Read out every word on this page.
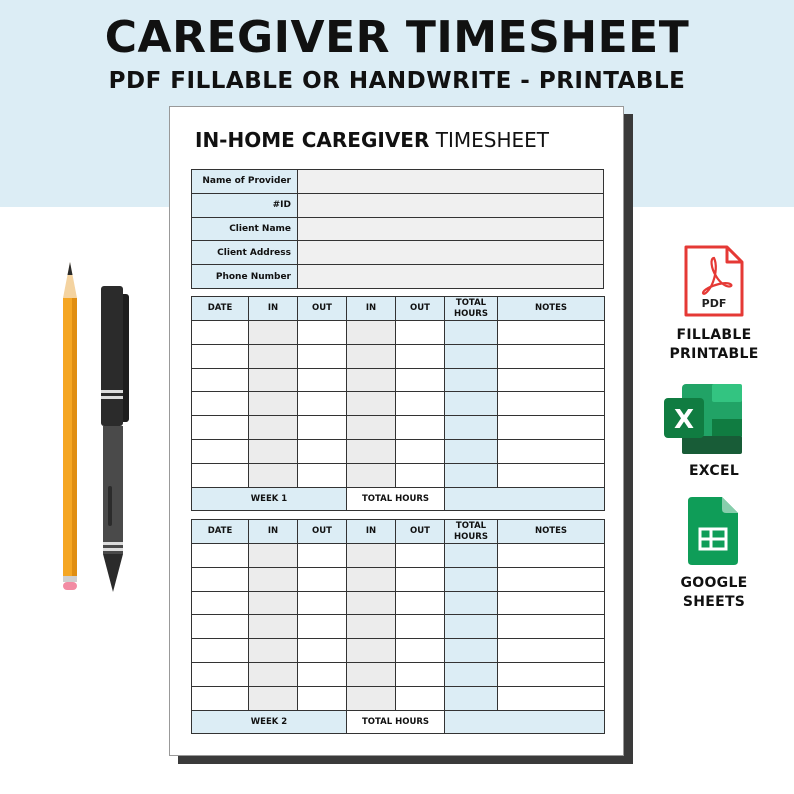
CAREGIVER TIMESHEET
PDF FILLABLE OR HANDWRITE - PRINTABLE
IN-HOME CAREGIVER TIMESHEET
Name of Provider	
#ID	
Client Name	
Client Address	
Phone Number	
DATE	IN	OUT	IN	OUT	TOTAL HOURS	NOTES

WEEK 1			TOTAL HOURS			
DATE	IN	OUT	IN	OUT	TOTAL HOURS	NOTES

WEEK 2			TOTAL HOURS			
PDF
FILLABLE
PRINTABLE
X
EXCEL
GOOGLE
SHEETS
